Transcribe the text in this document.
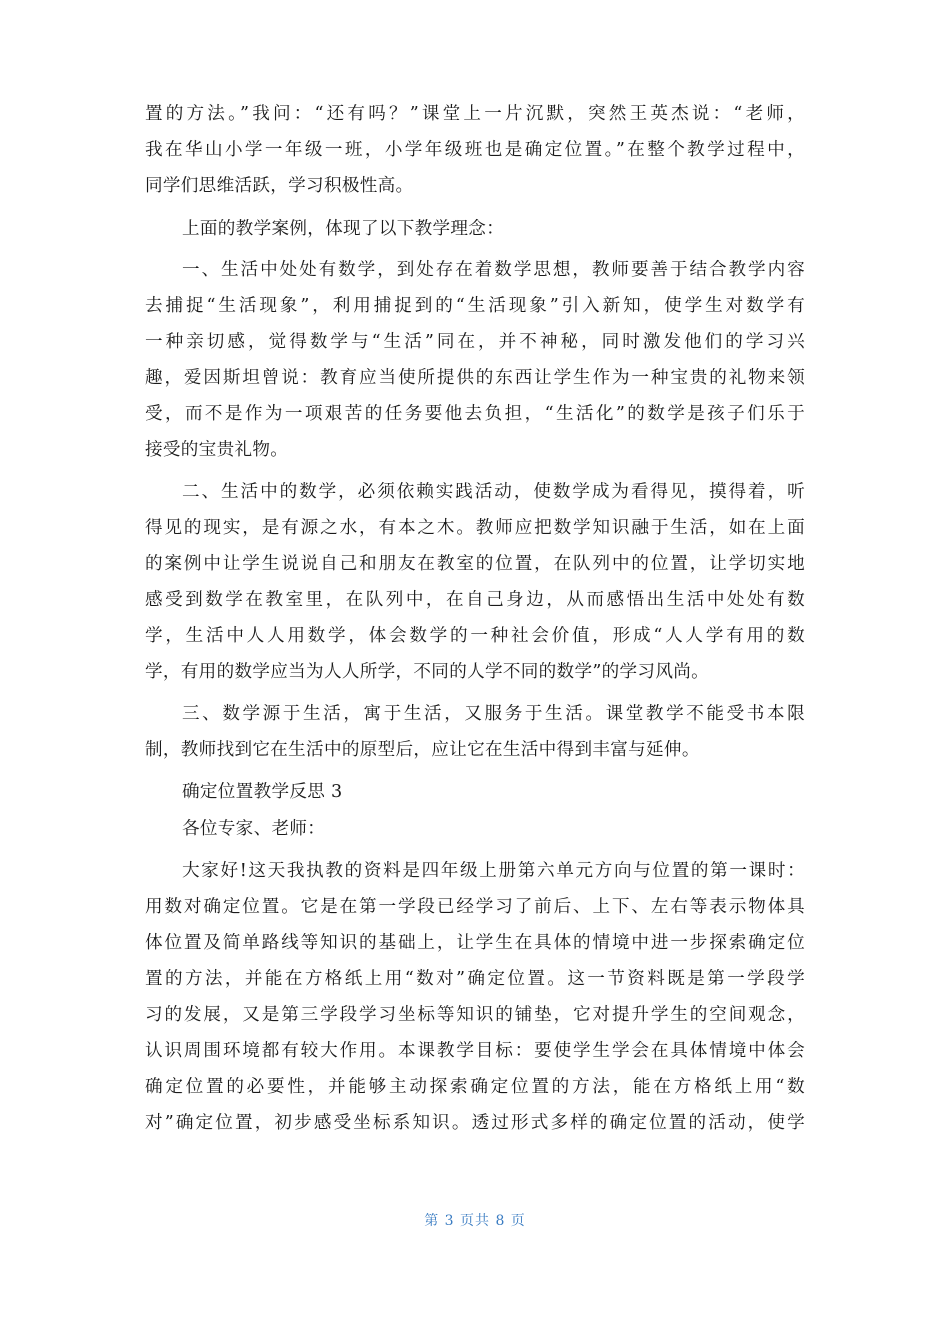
置的方法。”我问：“还有吗？”课堂上一片沉默，突然王英杰说：“老师，
我在华山小学一年级一班，小学年级班也是确定位置。”在整个教学过程中，
同学们思维活跃，学习积极性高。
上面的教学案例，体现了以下教学理念：
一、生活中处处有数学，到处存在着数学思想，教师要善于结合教学内容
去捕捉“生活现象”，利用捕捉到的“生活现象”引入新知，使学生对数学有
一种亲切感，觉得数学与“生活”同在，并不神秘，同时激发他们的学习兴
趣，爱因斯坦曾说：教育应当使所提供的东西让学生作为一种宝贵的礼物来领
受，而不是作为一项艰苦的任务要他去负担，“生活化”的数学是孩子们乐于
接受的宝贵礼物。
二、生活中的数学，必须依赖实践活动，使数学成为看得见，摸得着，听
得见的现实，是有源之水，有本之木。教师应把数学知识融于生活，如在上面
的案例中让学生说说自己和朋友在教室的位置，在队列中的位置，让学切实地
感受到数学在教室里，在队列中，在自己身边，从而感悟出生活中处处有数
学，生活中人人用数学，体会数学的一种社会价值，形成“人人学有用的数
学，有用的数学应当为人人所学，不同的人学不同的数学”的学习风尚。
三、数学源于生活，寓于生活，又服务于生活。课堂教学不能受书本限
制，教师找到它在生活中的原型后，应让它在生活中得到丰富与延伸。
确定位置教学反思 3
各位专家、老师：
大家好!这天我执教的资料是四年级上册第六单元方向与位置的第一课时：
用数对确定位置。它是在第一学段已经学习了前后、上下、左右等表示物体具
体位置及简单路线等知识的基础上，让学生在具体的情境中进一步探索确定位
置的方法，并能在方格纸上用“数对”确定位置。这一节资料既是第一学段学
习的发展，又是第三学段学习坐标等知识的铺垫，它对提升学生的空间观念，
认识周围环境都有较大作用。本课教学目标：要使学生学会在具体情境中体会
确定位置的必要性，并能够主动探索确定位置的方法，能在方格纸上用“数
对”确定位置，初步感受坐标系知识。透过形式多样的确定位置的活动，使学
第 3 页共 8 页
